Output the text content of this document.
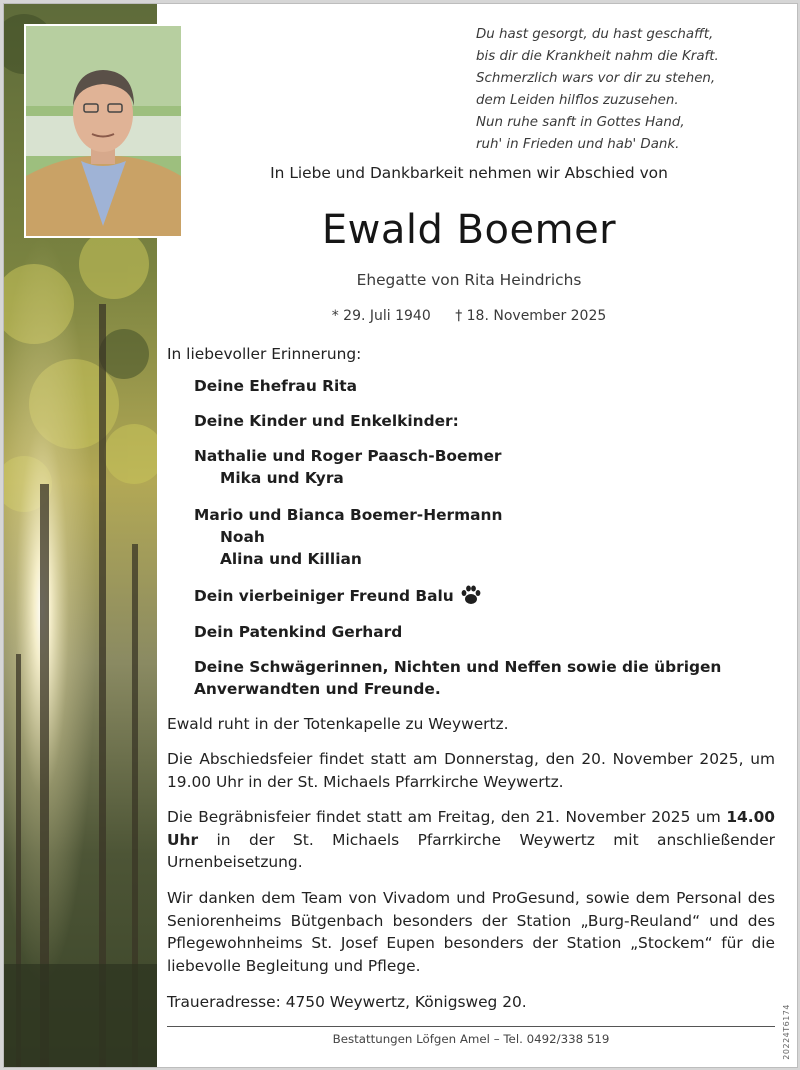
Du hast gesorgt, du hast geschafft,
bis dir die Krankheit nahm die Kraft.
Schmerzlich wars vor dir zu stehen,
dem Leiden hilflos zuzusehen.
Nun ruhe sanft in Gottes Hand,
ruh' in Frieden und hab' Dank.
In Liebe und Dankbarkeit nehmen wir Abschied von
Ewald Boemer
Ehegatte von Rita Heindrichs
* 29. Juli 1940 † 18. November 2025
In liebevoller Erinnerung:
Deine Ehefrau Rita
Deine Kinder und Enkelkinder:
Nathalie und Roger Paasch-Boemer
Mika und Kyra
Mario und Bianca Boemer-Hermann
Noah
Alina und Killian
Dein vierbeiniger Freund Balu
Dein Patenkind Gerhard
Deine Schwägerinnen, Nichten und Neffen sowie die übrigen
Anverwandten und Freunde.
Ewald ruht in der Totenkapelle zu Weywertz.
Die Abschiedsfeier findet statt am Donnerstag, den 20. November 2025, um 19.00 Uhr in der St. Michaels Pfarrkirche Weywertz.
Die Begräbnisfeier findet statt am Freitag, den 21. November 2025 um 14.00 Uhr in der St. Michaels Pfarrkirche Weywertz mit anschließender Urnenbeisetzung.
Wir danken dem Team von Vivadom und ProGesund, sowie dem Personal des Seniorenheims Bütgenbach besonders der Station „Burg-Reuland“ und des Pflegewohnheims St. Josef Eupen besonders der Station „Stockem“ für die liebevolle Begleitung und Pflege.
Traueradresse: 4750 Weywertz, Königsweg 20.
Bestattungen Löfgen Amel – Tel. 0492/338 519	20224T6174
